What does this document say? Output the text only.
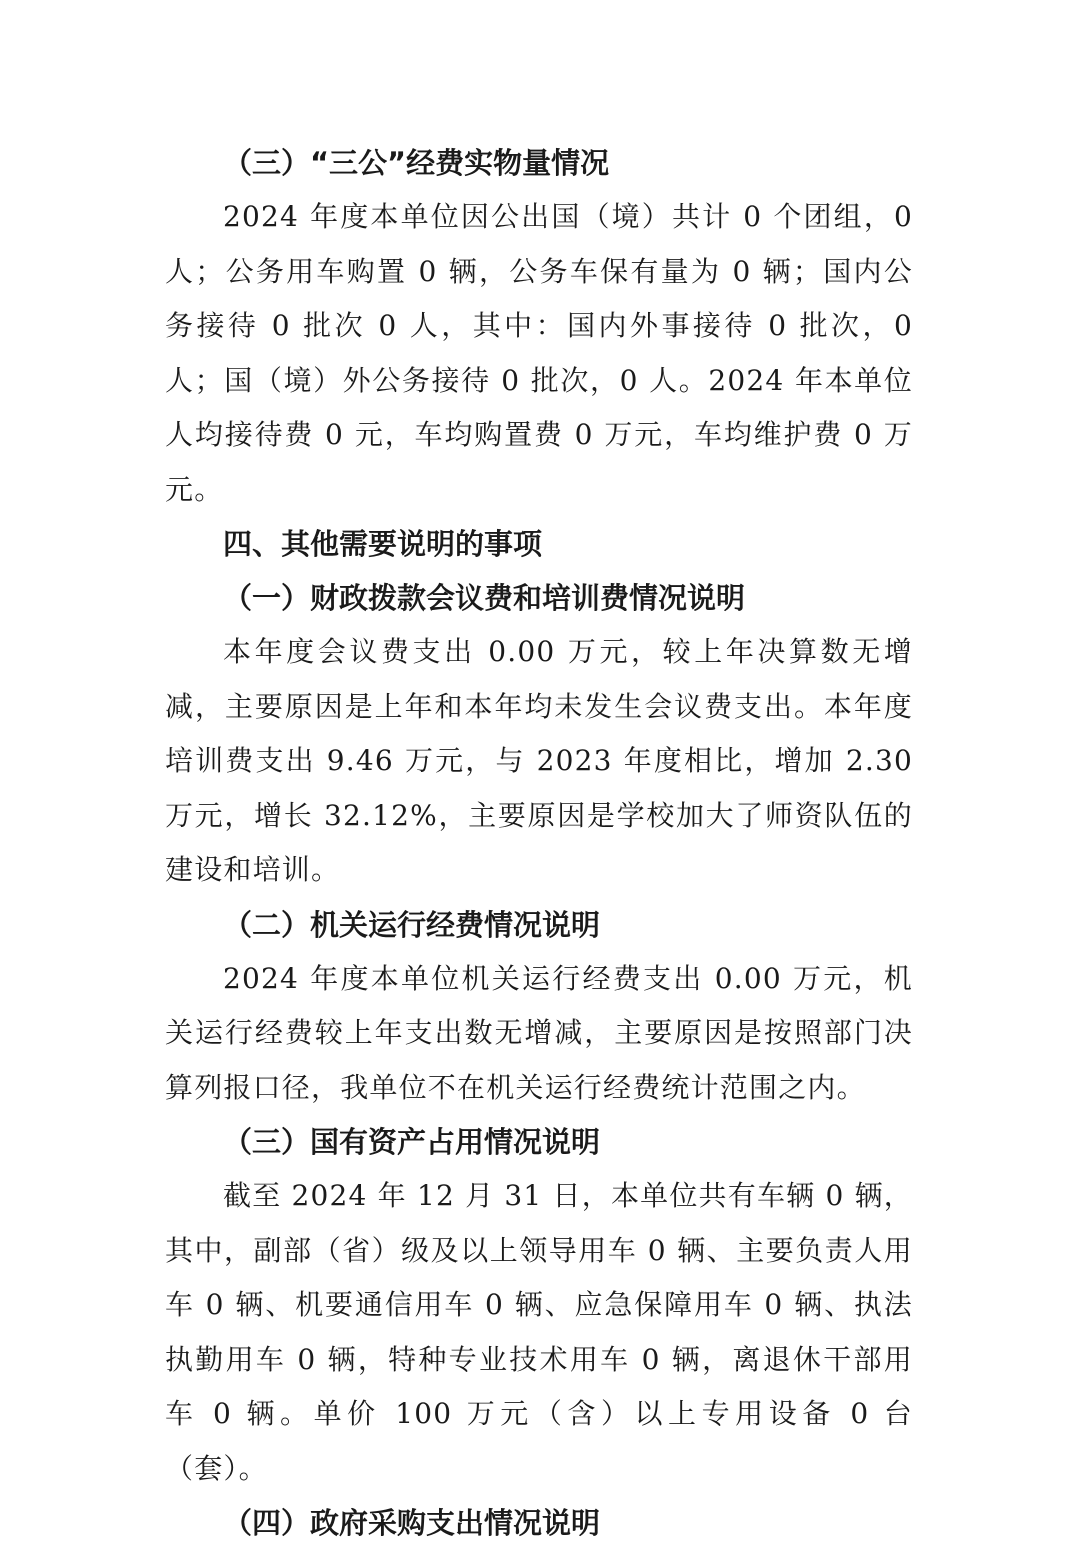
（三）“三公”经费实物量情况

2024 年度本单位因公出国（境）共计 0 个团组，0 人；公务用车购置 0 辆，公务车保有量为 0 辆；国内公务接待 0 批次 0 人，其中：国内外事接待 0 批次，0 人；国（境）外公务接待 0 批次，0 人。2024 年本单位人均接待费 0 元，车均购置费 0 万元，车均维护费 0 万元。

四、其他需要说明的事项

（一）财政拨款会议费和培训费情况说明

本年度会议费支出 0.00 万元，较上年决算数无增减，主要原因是上年和本年均未发生会议费支出。本年度培训费支出 9.46 万元，与 2023 年度相比，增加 2.30 万元，增长 32.12%，主要原因是学校加大了师资队伍的建设和培训。

（二）机关运行经费情况说明

2024 年度本单位机关运行经费支出 0.00 万元，机关运行经费较上年支出数无增减，主要原因是按照部门决算列报口径，我单位不在机关运行经费统计范围之内。

（三）国有资产占用情况说明

截至 2024 年 12 月 31 日，本单位共有车辆 0 辆，其中，副部（省）级及以上领导用车 0 辆、主要负责人用车 0 辆、机要通信用车 0 辆、应急保障用车 0 辆、执法执勤用车 0 辆，特种专业技术用车 0 辆，离退休干部用车 0 辆。单价 100 万元（含）以上专用设备 0 台（套）。

（四）政府采购支出情况说明
